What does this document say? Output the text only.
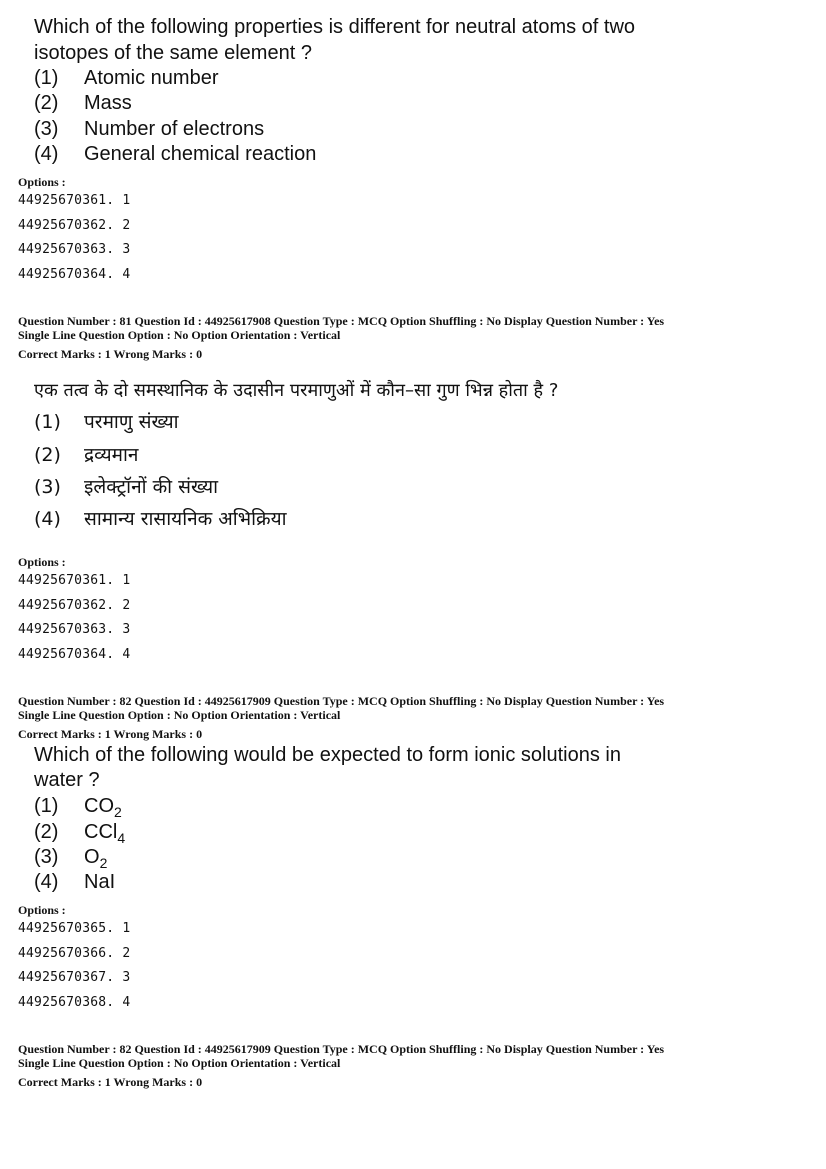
Which of the following properties is different for neutral atoms of two
isotopes of the same element ?
(1) Atomic number
(2) Mass
(3) Number of electrons
(4) General chemical reaction
Options :
44925670361. 1
44925670362. 2
44925670363. 3
44925670364. 4
Question Number : 81 Question Id : 44925617908 Question Type : MCQ Option Shuffling : No Display Question Number : Yes
Single Line Question Option : No Option Orientation : Vertical
Correct Marks : 1 Wrong Marks : 0
एक तत्व के दो समस्थानिक के उदासीन परमाणुओं में कौन–सा गुण भिन्न होता है ?
(1) परमाणु संख्या
(2) द्रव्यमान
(3) इलेक्ट्रॉनों की संख्या
(4) सामान्य रासायनिक अभिक्रिया
Options :
44925670361. 1
44925670362. 2
44925670363. 3
44925670364. 4
Question Number : 82 Question Id : 44925617909 Question Type : MCQ Option Shuffling : No Display Question Number : Yes
Single Line Question Option : No Option Orientation : Vertical
Correct Marks : 1 Wrong Marks : 0
Which of the following would be expected to form ionic solutions in
water ?
(1) $CO_2$
(2) CCl$_4$
(3) $O_2$
(4) NaI
Options :
44925670365. 1
44925670366. 2
44925670367. 3
44925670368. 4
Question Number : 82 Question Id : 44925617909 Question Type : MCQ Option Shuffling : No Display Question Number : Yes
Single Line Question Option : No Option Orientation : Vertical
Correct Marks : 1 Wrong Marks : 0
